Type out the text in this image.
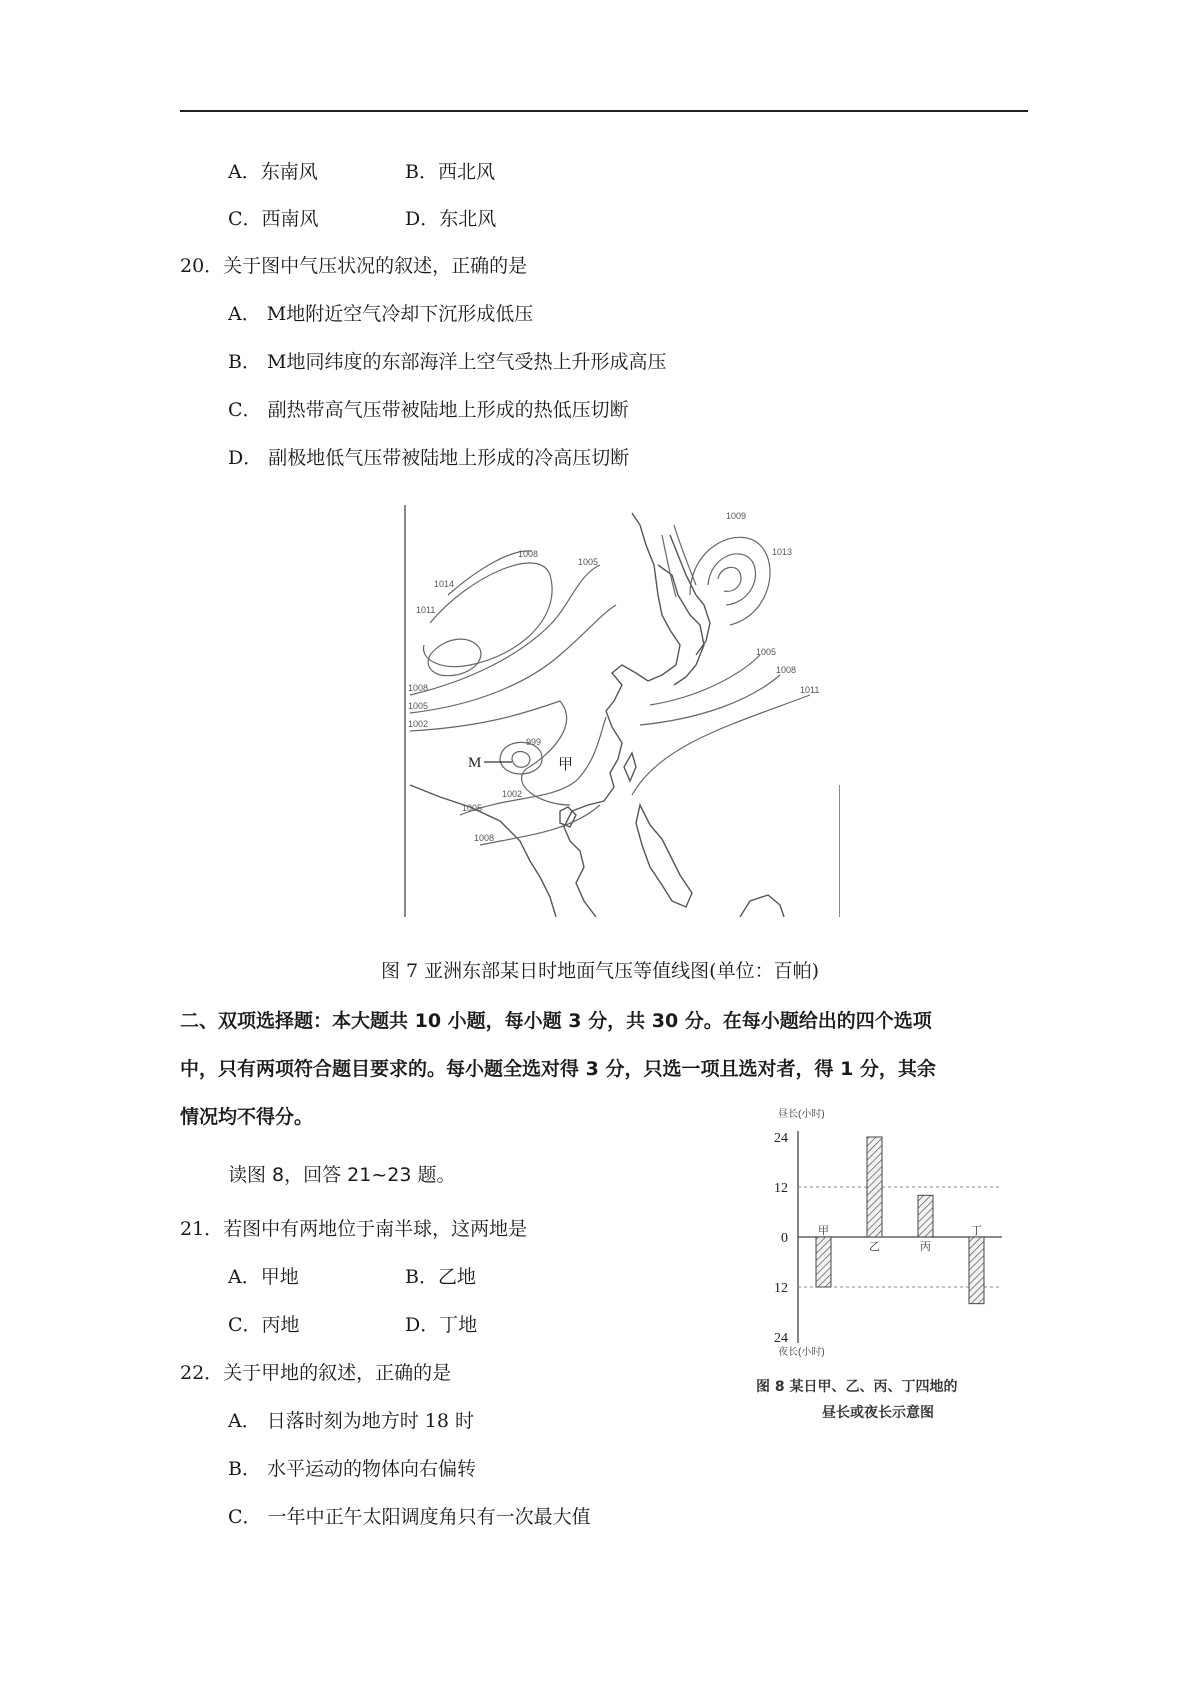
A．东南风	B．西北风
C．西南风	D．东北风
20．关于图中气压状况的叙述，正确的是
A． M地附近空气冷却下沉形成低压
B． M地同纬度的东部海洋上空气受热上升形成高压
C． 副热带高气压带被陆地上形成的热低压切断
D． 副极地低气压带被陆地上形成的冷高压切断
1014
1011
1008
1005
1002
999
1002
1005
1008
1008
1005
1005
1008
1011
1013
1009
M	甲
图 7 亚洲东部某日时地面气压等值线图(单位：百帕)
二、双项选择题：本大题共 10 小题，每小题 3 分，共 30 分。在每小题给出的四个选项
中，只有两项符合题目要求的。每小题全选对得 3 分，只选一项且选对者，得 1 分，其余
情况均不得分。
读图 8，回答 21~23 题。
21．若图中有两地位于南半球，这两地是
A．甲地	B．乙地
C．丙地	D．丁地
22．关于甲地的叙述，正确的是
A． 日落时刻为地方时 18 时
B． 水平运动的物体向右偏转
C． 一年中正午太阳调度角只有一次最大值
昼长(小时)
夜长(小时)
24
12
0
12
24
甲
乙	丙
丁
图 8 某日甲、乙、丙、丁四地的
昼长或夜长示意图
